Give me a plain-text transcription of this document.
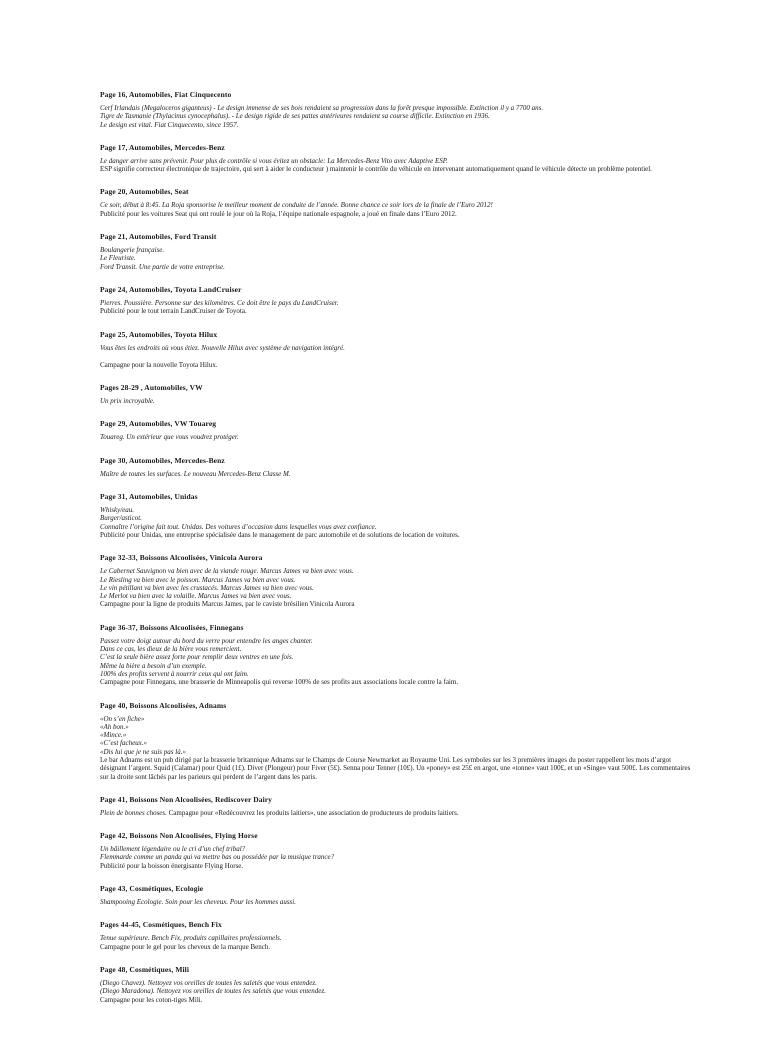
Page 16, Automobiles, Fiat Cinquecento
Cerf Irlandais (Megaloceros giganteus) - Le design immense de ses bois rendaient sa progression dans la forêt presque impossible. Extinction il y a 7700 ans.
Tigre de Tasmanie (Thylacinus cynocephalus). - Le design rigide de ses pattes antérieures rendaient sa course difficile. Extinction en 1936.
Le design est vital. Fiat Cinquecento, since 1957.
Page 17, Automobiles, Mercedes-Benz
Le danger arrive sans prévenir. Pour plus de contrôle si vous évitez un obstacle: La Mercedes-Benz Vito avec Adaptive ESP.
ESP signifie correcteur électronique de trajectoire, qui sert à aider le conducteur ) maintenir le contrôle du véhicule en intervenant automatiquement quand le véhicule détecte un problème potentiel.
Page 20, Automobiles, Seat
Ce soir, début à 8:45. La Roja sponsorise le meilleur moment de conduite de l’année. Bonne chance ce soir lors de la finale de l’Euro 2012!
Publicité pour les voitures Seat qui ont roulé le jour où la Roja, l’équipe nationale espagnole, a joué en finale dans l’Euro 2012.
Page 21, Automobiles, Ford Transit
Boulangerie française.
Le Fleuriste.
Ford Transit. Une partie de votre entreprise.
Page 24, Automobiles, Toyota LandCruiser
Pierres. Poussière. Personne sur des kilomètres. Ce doit être le pays du LandCruiser.
Publicité pour le tout terrain LandCruiser de Toyota.
Page 25, Automobiles, Toyota Hilux
Vous êtes les endroits où vous étiez. Nouvelle Hilux avec système de navigation intégré.
Campagne pour la nouvelle Toyota Hilux.
Pages 28-29 , Automobiles, VW
Un prix incroyable.
Page 29, Automobiles, VW Touareg
Touareg. Un extérieur que vous voudrez protéger.
Page 30, Automobiles, Mercedes-Benz
Maître de toutes les surfaces. Le nouveau Mercedes-Benz Classe M.
Page 31, Automobiles, Unidas
Whisky/eau.
Burger/asticot.
Connaître l’origine fait tout. Unidas. Des voitures d’occasion dans lesquelles vous avez confiance.
Publicité pour Unidas, une entreprise spécialisée dans le management de parc automobile et de solutions de location de voitures.
Page 32-33, Boissons Alcoolisées, Vinicola Aurora
Le Cabernet Sauvignon va bien avec de la viande rouge. Marcus James va bien avec vous.
Le Riesling va bien avec le poisson. Marcus James va bien avec vous.
Le vin pétillant va bien avec les crustacés. Marcus James va bien avec vous.
Le Merlot va bien avec la volaille. Marcus James va bien avec vous.
Campagne pour la ligne de produits Marcus James, par le caviste brésilien Vinicola Aurora
Page 36-37, Boissons Alcoolisées, Finnegans
Passez votre doigt autour du bord du verre pour entendre les anges chanter.
Dans ce cas, les dieux de la bière vous remercient.
C’est la seule bière assez forte pour remplir deux ventres en une fois.
Même la bière a besoin d’un exemple.
100% des profits servent à nourrir ceux qui ont faim.
Campagne pour Finnegans, une brasserie de Minneapolis qui reverse 100% de ses profits aux associations locale contre la faim.
Page 40, Boissons Alcoolisées, Adnams
«On s’en fiche»
«Ah bon.»
«Mince.»
«C’est facheux.»
«Dis lui que je ne suis pas là.»
Le bar Adnams est un pub dirigé par la brasserie britannique Adnams sur le Champs de Course Newmarket au Royaume Uni. Les symboles sur les 3 premières images du poster rappellent les mots d’argot désignant l’argent. Squid (Calamar) pour Quid (1£). Diver (Plongeur) pour Fiver (5£). Senna pour Tenner (10£). Un «poney» est 25£ en argot, une «tonne» vaut 100£, et un «Singe» vaut 500£. Les commentaires sur la droite sont lâchés par les parieurs qui perdent de l’argent dans les paris.
Page 41, Boissons Non Alcoolisées, Rediscover Dairy
Plein de bonnes choses. Campagne pour «Redécouvrez les produits laitiers», une association de producteurs de produits laitiers.
Page 42, Boissons Non Alcoolisées, Flying Horse
Un bâillement légendaire ou le cri d’un chef tribal?
Flemmarde comme un panda qui va mettre bas ou possédée par la musique trance?
Publicité pour la boisson énergisante Flying Horse.
Page 43, Cosmétiques, Ecologie
Shampooing Ecologie. Soin pour les cheveux. Pour les hommes aussi.
Pages 44-45, Cosmétiques, Bench Fix
Tenue supérieure. Bench Fix, produits capillaires professionnels.
Campagne pour le gel pour les cheveux de la marque Bench.
Page 48, Cosmétiques, Mili
(Diego Chavez). Nettoyez vos oreilles de toutes les saletés que vous entendez.
(Diego Maradona). Nettoyez vos oreilles de toutes les saletés que vous entendez.
Campagne pour les coton-tiges Mili.
